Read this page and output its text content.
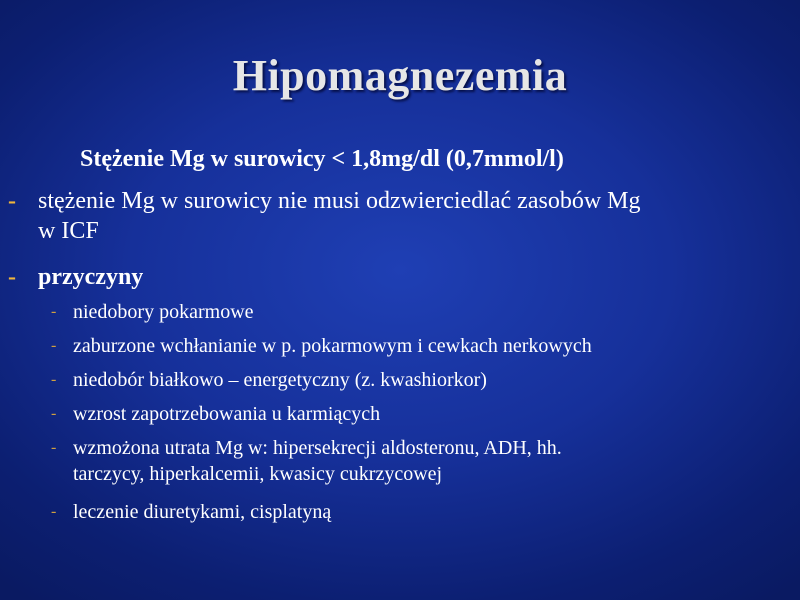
Hipomagnezemia
Stężenie Mg w surowicy < 1,8mg/dl (0,7mmol/l)
- stężenie Mg w surowicy nie musi odzwierciedlać zasobów Mg
w ICF
- przyczyny
- niedobory pokarmowe
- zaburzone wchłanianie w p. pokarmowym i cewkach nerkowych
- niedobór białkowo – energetyczny (z. kwashiorkor)
- wzrost zapotrzebowania u karmiących
- wzmożona utrata Mg w: hipersekrecji aldosteronu, ADH, hh.
tarczycy, hiperkalcemii, kwasicy cukrzycowej
- leczenie diuretykami, cisplatyną
